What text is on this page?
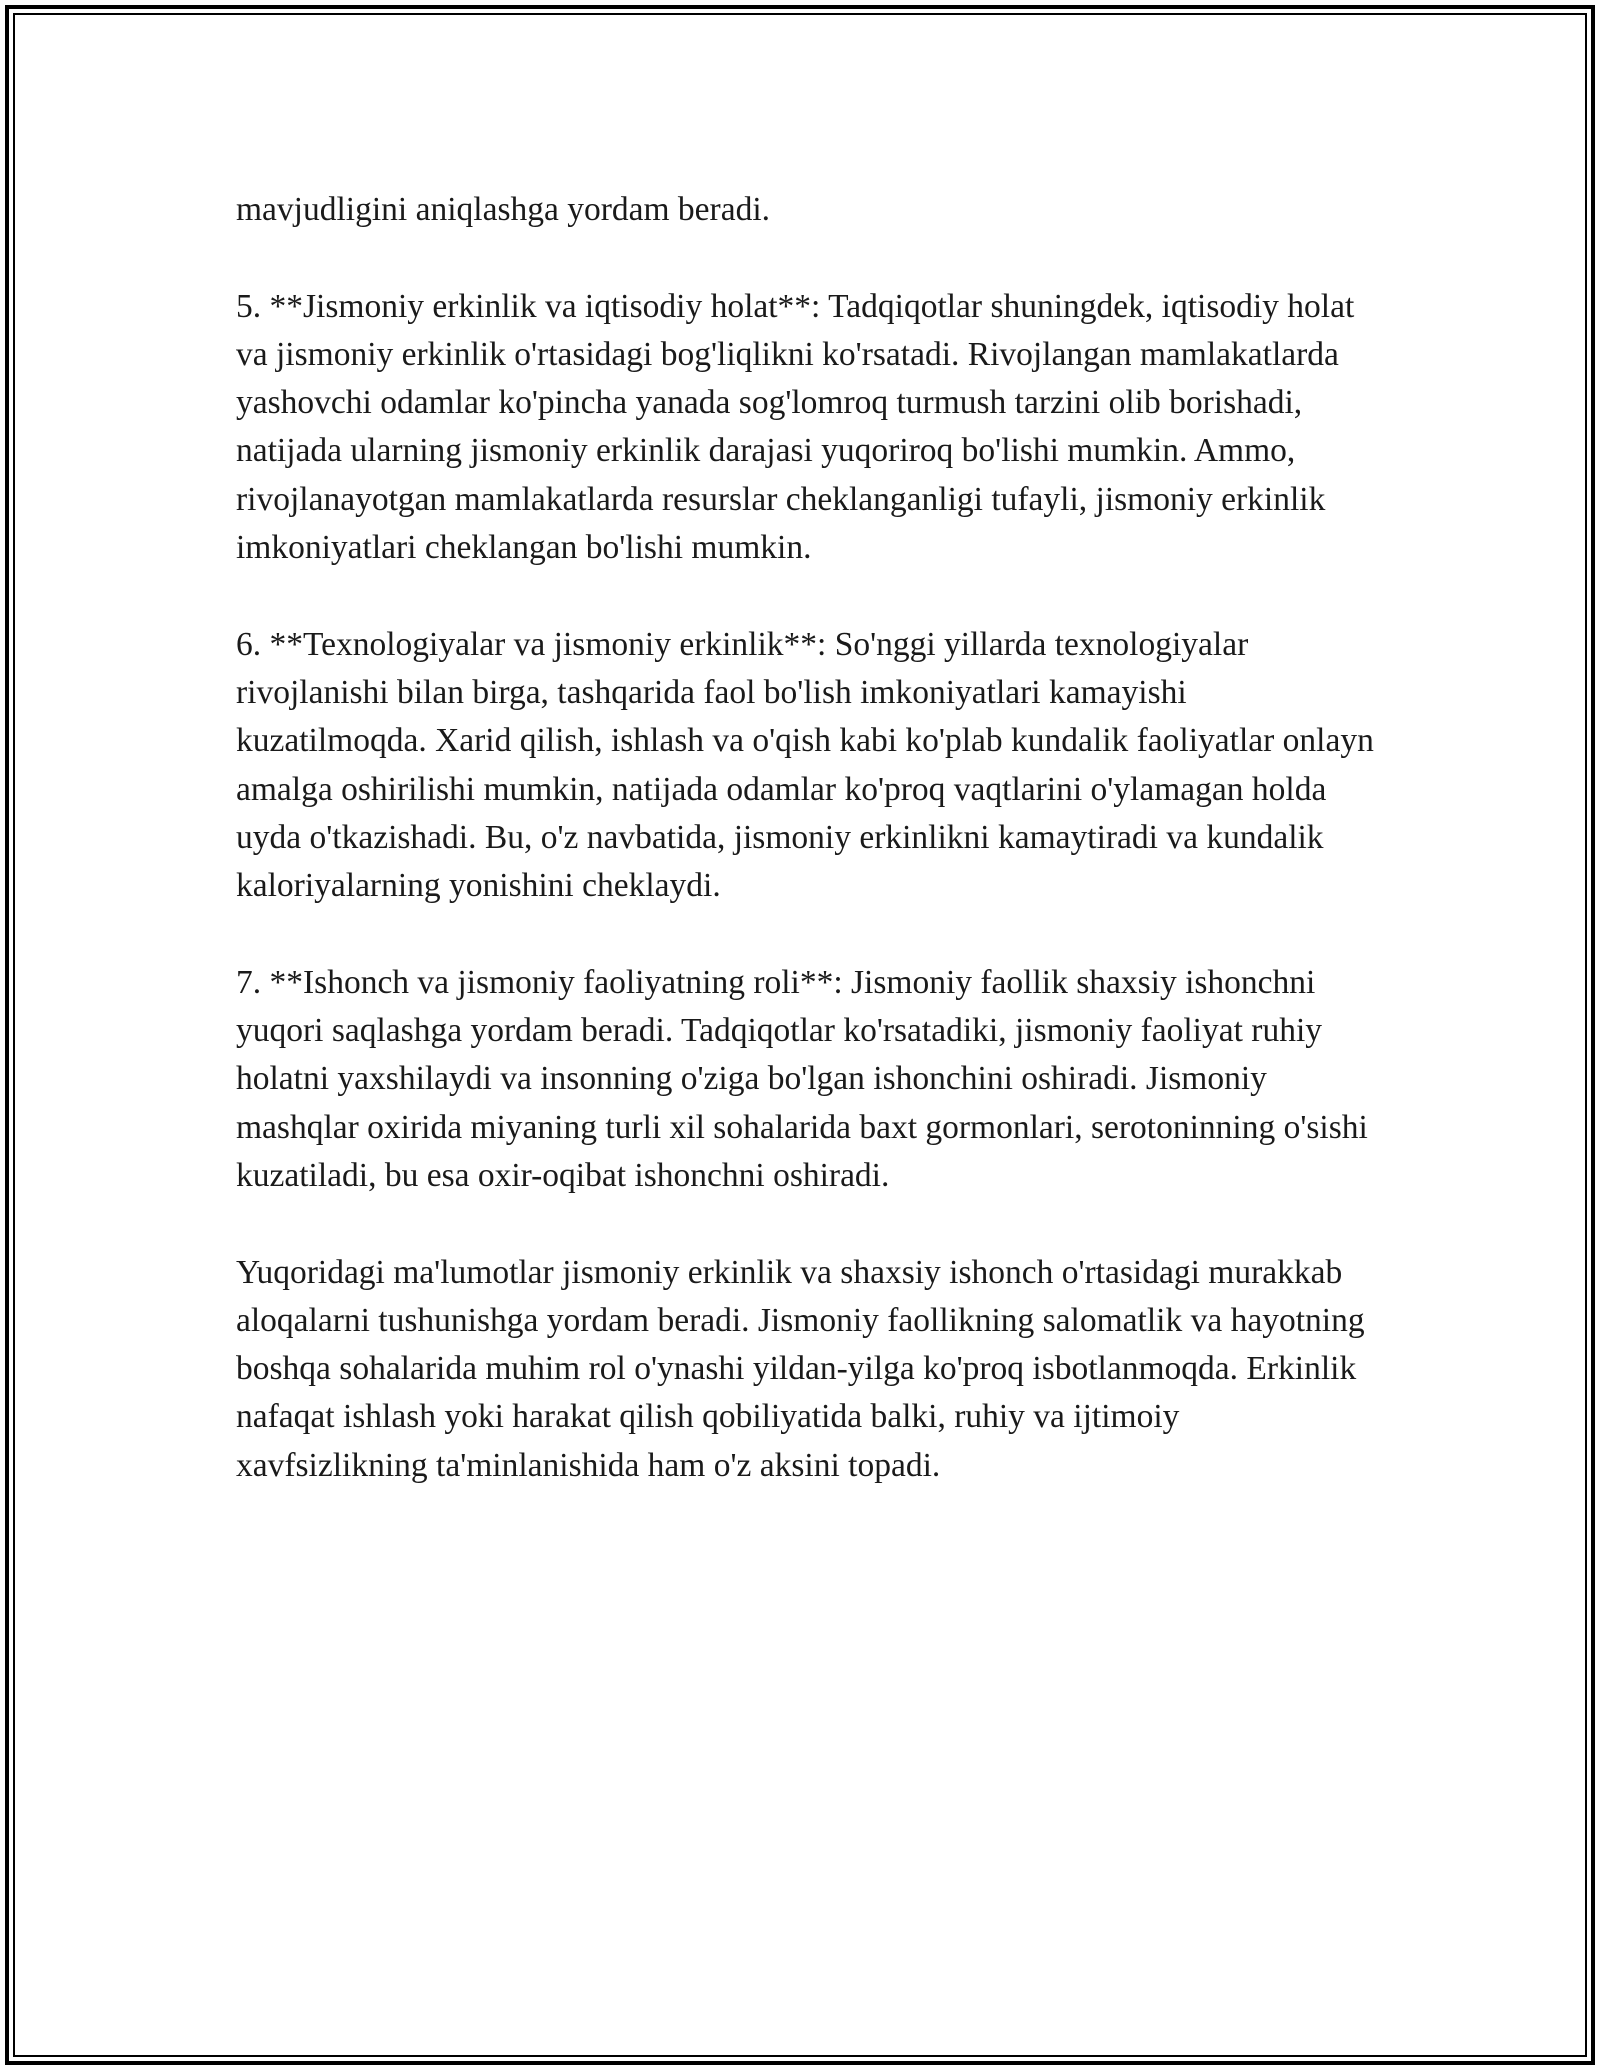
mavjudligini aniqlashga yordam beradi.

5. **Jismoniy erkinlik va iqtisodiy holat**: Tadqiqotlar shuningdek, iqtisodiy holat va jismoniy erkinlik o'rtasidagi bog'liqlikni ko'rsatadi. Rivojlangan mamlakatlarda yashovchi odamlar ko'pincha yanada sog'lomroq turmush tarzini olib borishadi, natijada ularning jismoniy erkinlik darajasi yuqoriroq bo'lishi mumkin. Ammo, rivojlanayotgan mamlakatlarda resurslar cheklanganligi tufayli, jismoniy erkinlik imkoniyatlari cheklangan bo'lishi mumkin.

6. **Texnologiyalar va jismoniy erkinlik**: So'nggi yillarda texnologiyalar rivojlanishi bilan birga, tashqarida faol bo'lish imkoniyatlari kamayishi kuzatilmoqda. Xarid qilish, ishlash va o'qish kabi ko'plab kundalik faoliyatlar onlayn amalga oshirilishi mumkin, natijada odamlar ko'proq vaqtlarini o'ylamagan holda uyda o'tkazishadi. Bu, o'z navbatida, jismoniy erkinlikni kamaytiradi va kundalik kaloriyalarning yonishini cheklaydi.

7. **Ishonch va jismoniy faoliyatning roli**: Jismoniy faollik shaxsiy ishonchni yuqori saqlashga yordam beradi. Tadqiqotlar ko'rsatadiki, jismoniy faoliyat ruhiy holatni yaxshilaydi va insonning o'ziga bo'lgan ishonchini oshiradi. Jismoniy mashqlar oxirida miyaning turli xil sohalarida baxt gormonlari, serotoninning o'sishi kuzatiladi, bu esa oxir-oqibat ishonchni oshiradi.

Yuqoridagi ma'lumotlar jismoniy erkinlik va shaxsiy ishonch o'rtasidagi murakkab aloqalarni tushunishga yordam beradi. Jismoniy faollikning salomatlik va hayotning boshqa sohalarida muhim rol o'ynashi yildan-yilga ko'proq isbotlanmoqda. Erkinlik nafaqat ishlash yoki harakat qilish qobiliyatida balki, ruhiy va ijtimoiy xavfsizlikning ta'minlanishida ham o'z aksini topadi.
